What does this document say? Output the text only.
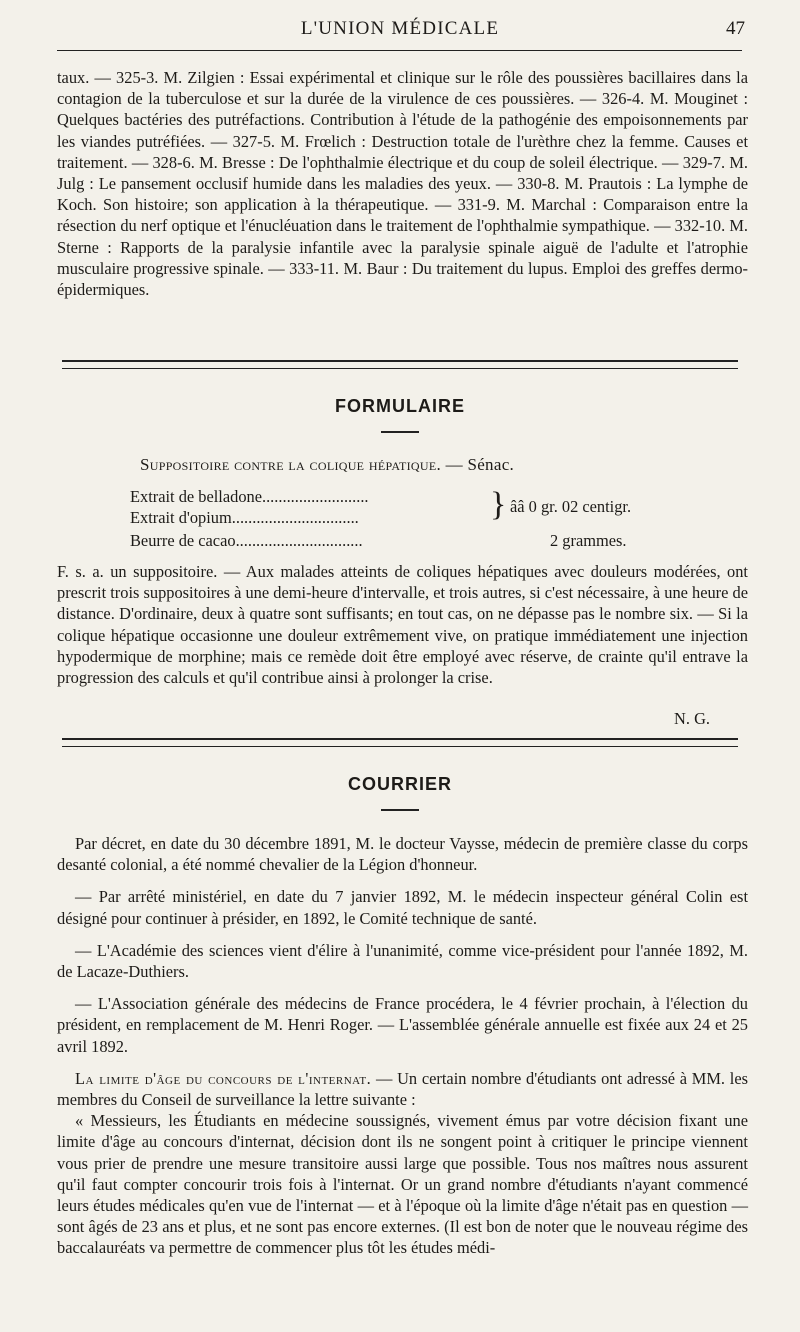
L'UNION MÉDICALE	47

taux. — 325-3. M. Zilgien : Essai expérimental et clinique sur le rôle des poussières bacillaires dans la contagion de la tuberculose et sur la durée de la virulence de ces poussières. — 326-4. M. Mouginet : Quelques bactéries des putréfactions. Contribution à l'étude de la pathogénie des empoisonnements par les viandes putréfiées. — 327-5. M. Frœlich : Destruction totale de l'urèthre chez la femme. Causes et traitement. — 328-6. M. Bresse : De l'ophthalmie électrique et du coup de soleil électrique. — 329-7. M. Julg : Le pansement occlusif humide dans les maladies des yeux. — 330-8. M. Prautois : La lymphe de Koch. Son histoire; son application à la thérapeutique. — 331-9. M. Marchal : Comparaison entre la résection du nerf optique et l'énucléuation dans le traitement de l'ophthalmie sympathique. — 332-10. M. Sterne : Rapports de la paralysie infantile avec la paralysie spinale aiguë de l'adulte et l'atrophie musculaire progressive spinale. — 333-11. M. Baur : Du traitement du lupus. Emploi des greffes dermo-épidermiques.

FORMULAIRE
Suppositoire contre la colique hépatique. — Sénac.
Extrait de belladone..........................
Extrait d'opium...............................	} ââ 0 gr. 02 centigr.
Beurre de cacao...............................	2 grammes.

F. s. a. un suppositoire. — Aux malades atteints de coliques hépatiques avec douleurs modérées, ont prescrit trois suppositoires à une demi-heure d'intervalle, et trois autres, si c'est nécessaire, à une heure de distance. D'ordinaire, deux à quatre sont suffisants; en tout cas, on ne dépasse pas le nombre six. — Si la colique hépatique occasionne une douleur extrêmement vive, on pratique immédiatement une injection hypodermique de morphine; mais ce remède doit être employé avec réserve, de crainte qu'il entrave la progression des calculs et qu'il contribue ainsi à prolonger la crise.

N. G.
COURRIER

Par décret, en date du 30 décembre 1891, M. le docteur Vaysse, médecin de première classe du corps desanté colonial, a été nommé chevalier de la Légion d'honneur.

— Par arrêté ministériel, en date du 7 janvier 1892, M. le médecin inspecteur général Colin est désigné pour continuer à présider, en 1892, le Comité technique de santé.

— L'Académie des sciences vient d'élire à l'unanimité, comme vice-président pour l'année 1892, M. de Lacaze-Duthiers.

— L'Association générale des médecins de France procédera, le 4 février prochain, à l'élection du président, en remplacement de M. Henri Roger. — L'assemblée générale annuelle est fixée aux 24 et 25 avril 1892.

La limite d'âge du concours de l'internat. — Un certain nombre d'étudiants ont adressé à MM. les membres du Conseil de surveillance la lettre suivante :

« Messieurs, les Étudiants en médecine soussignés, vivement émus par votre décision fixant une limite d'âge au concours d'internat, décision dont ils ne songent point à critiquer le principe viennent vous prier de prendre une mesure transitoire aussi large que possible. Tous nos maîtres nous assurent qu'il faut compter concourir trois fois à l'internat. Or un grand nombre d'étudiants n'ayant commencé leurs études médicales qu'en vue de l'internat — et à l'époque où la limite d'âge n'était pas en question — sont âgés de 23 ans et plus, et ne sont pas encore externes. (Il est bon de noter que le nouveau régime des baccalauréats va permettre de commencer plus tôt les études médi-
